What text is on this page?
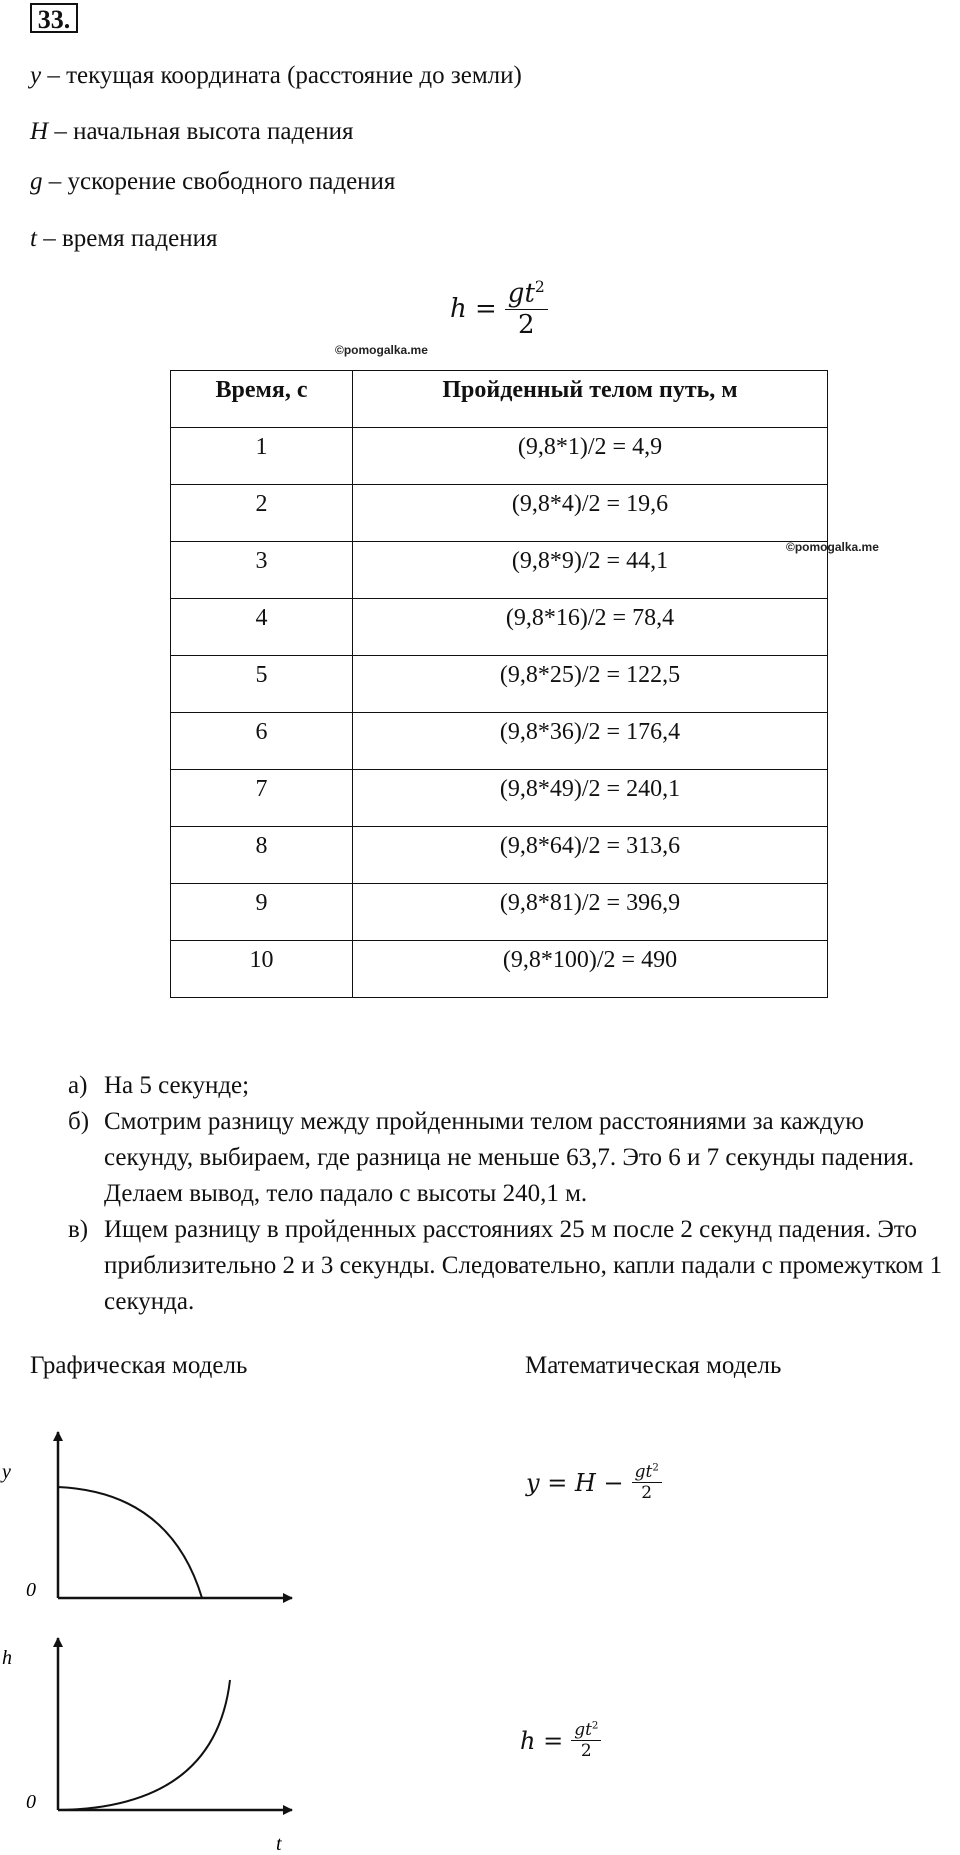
33.
y – текущая координата (расстояние до земли)
H – начальная высота падения
g – ускорение свободного падения
t – время падения
$h = \frac{gt^2}{2}$
©pomogalka.me
©pomogalka.me
Время, с	Пройденный телом путь, м
1	(9,8*1)/2 = 4,9
2	(9,8*4)/2 = 19,6
3	(9,8*9)/2 = 44,1
4	(9,8*16)/2 = 78,4
5	(9,8*25)/2 = 122,5
6	(9,8*36)/2 = 176,4
7	(9,8*49)/2 = 240,1
8	(9,8*64)/2 = 313,6
9	(9,8*81)/2 = 396,9
10	(9,8*100)/2 = 490
а) На 5 секунде;
б) Смотрим разницу между пройденными телом расстояниями за каждую секунду, выбираем, где разница не меньше 63,7. Это 6 и 7 секунды падения. Делаем вывод, тело падало с высоты 240,1 м.
в) Ищем разницу в пройденных расстояниях 25 м после 2 секунд падения. Это приблизительно 2 и 3 секунды. Следовательно, капли падали с промежутком 1 секунда.
Графическая модель	Математическая модель
y
0
h
0
t
$y = H - \frac{gt^2}{2}$
$h = \frac{gt^2}{2}$
